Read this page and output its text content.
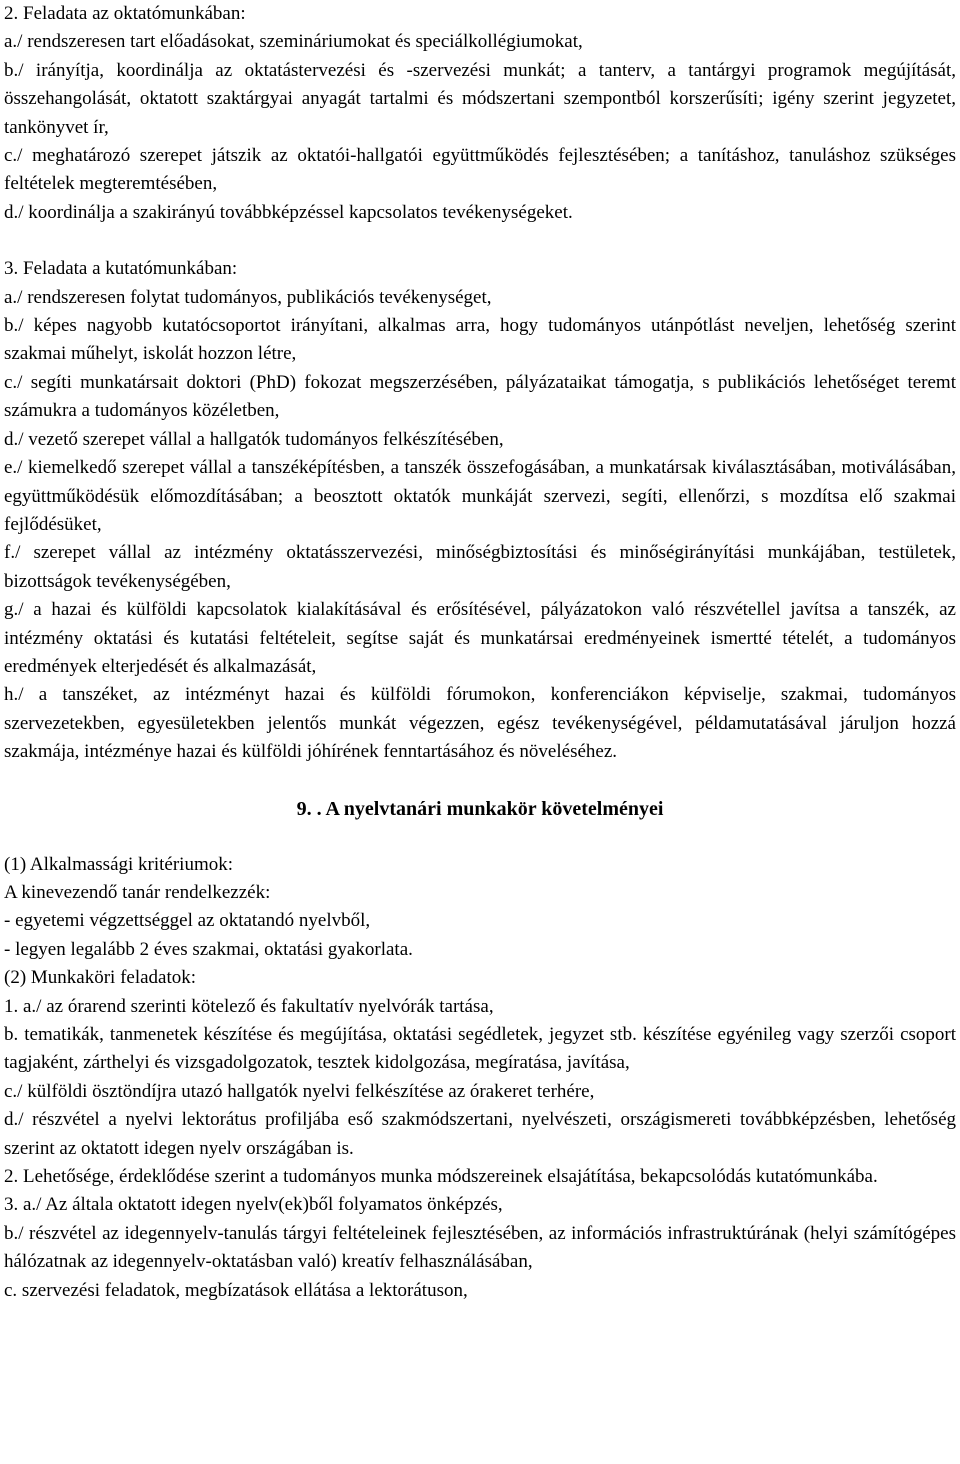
2. Feladata az oktatómunkában:

a./ rendszeresen tart előadásokat, szemináriumokat és speciálkollégiumokat,

b./ irányítja, koordinálja az oktatástervezési és -szervezési munkát; a tanterv, a tantárgyi programok megújítását, összehangolását, oktatott szaktárgyai anyagát tartalmi és módszertani szempontból korszerűsíti; igény szerint jegyzetet, tankönyvet ír,

c./ meghatározó szerepet játszik az oktatói-hallgatói együttműködés fejlesztésében; a tanításhoz, tanuláshoz szükséges feltételek megteremtésében,

d./ koordinálja a szakirányú továbbképzéssel kapcsolatos tevékenységeket.

3. Feladata a kutatómunkában:

a./ rendszeresen folytat tudományos, publikációs tevékenységet,

b./ képes nagyobb kutatócsoportot irányítani, alkalmas arra, hogy tudományos utánpótlást neveljen, lehetőség szerint szakmai műhelyt, iskolát hozzon létre,

c./ segíti munkatársait doktori (PhD) fokozat megszerzésében, pályázataikat támogatja, s publikációs lehetőséget teremt számukra a tudományos közéletben,

d./ vezető szerepet vállal a hallgatók tudományos felkészítésében,

e./ kiemelkedő szerepet vállal a tanszéképítésben, a tanszék összefogásában, a munkatársak kiválasztásában, motiválásában, együttműködésük előmozdításában; a beosztott oktatók munkáját szervezi, segíti, ellenőrzi, s mozdítsa elő szakmai fejlődésüket,

f./ szerepet vállal az intézmény oktatásszervezési, minőségbiztosítási és minőségirányítási munkájában, testületek, bizottságok tevékenységében,

g./ a hazai és külföldi kapcsolatok kialakításával és erősítésével, pályázatokon való részvétellel javítsa a tanszék, az intézmény oktatási és kutatási feltételeit, segítse saját és munkatársai eredményeinek ismertté tételét, a tudományos eredmények elterjedését és alkalmazását,

h./ a tanszéket, az intézményt hazai és külföldi fórumokon, konferenciákon képviselje, szakmai, tudományos szervezetekben, egyesületekben jelentős munkát végezzen, egész tevékenységével, példamutatásával járuljon hozzá szakmája, intézménye hazai és külföldi jóhírének fenntartásához és növeléséhez.

9. . A nyelvtanári munkakör követelményei

(1) Alkalmassági kritériumok:

A kinevezendő tanár rendelkezzék:

- egyetemi végzettséggel az oktatandó nyelvből,

- legyen legalább 2 éves szakmai, oktatási gyakorlata.

(2) Munkaköri feladatok:

1. a./ az órarend szerinti kötelező és fakultatív nyelvórák tartása,

b. tematikák, tanmenetek készítése és megújítása, oktatási segédletek, jegyzet stb. készítése egyénileg vagy szerzői csoport tagjaként, zárthelyi és vizsgadolgozatok, tesztek kidolgozása, megíratása, javítása,

c./ külföldi ösztöndíjra utazó hallgatók nyelvi felkészítése az órakeret terhére,

d./ részvétel a nyelvi lektorátus profiljába eső szakmódszertani, nyelvészeti, országismereti továbbképzésben, lehetőség szerint az oktatott idegen nyelv országában is.

2. Lehetősége, érdeklődése szerint a tudományos munka módszereinek elsajátítása, bekapcsolódás kutatómunkába.

3. a./ Az általa oktatott idegen nyelv(ek)ből folyamatos önképzés,

b./ részvétel az idegennyelv-tanulás tárgyi feltételeinek fejlesztésében, az információs infrastruktúrának (helyi számítógépes hálózatnak az idegennyelv-oktatásban való) kreatív felhasználásában,

c. szervezési feladatok, megbízatások ellátása a lektorátuson,
